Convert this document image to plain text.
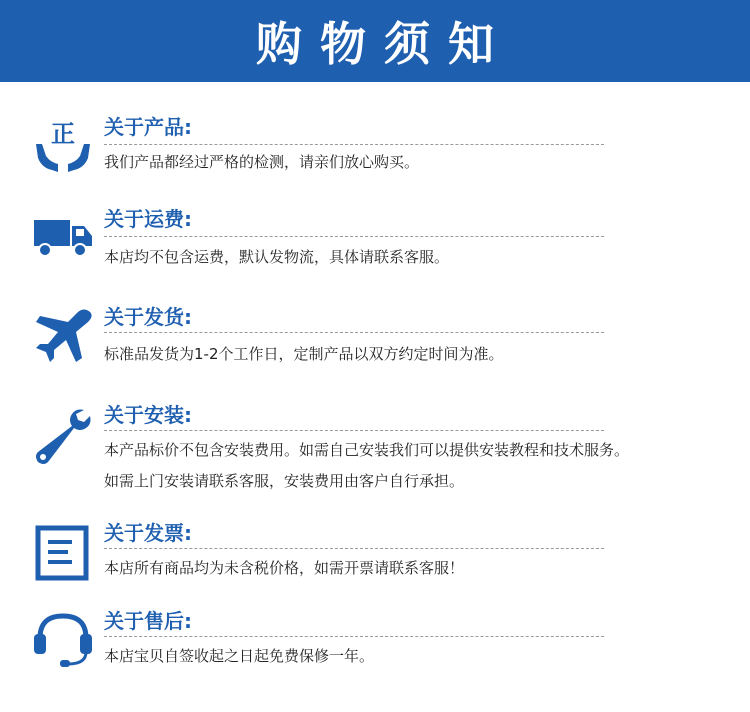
购物须知
正 关于产品:
我们产品都经过严格的检测，请亲们放心购买。
关于运费:
本店均不包含运费，默认发物流，具体请联系客服。
关于发货:
标准品发货为1-2个工作日，定制产品以双方约定时间为准。
关于安装:
本产品标价不包含安装费用。如需自己安装我们可以提供安装教程和技术服务。
如需上门安装请联系客服，安装费用由客户自行承担。
关于发票:
本店所有商品均为未含税价格，如需开票请联系客服！
关于售后:
本店宝贝自签收起之日起免费保修一年。
